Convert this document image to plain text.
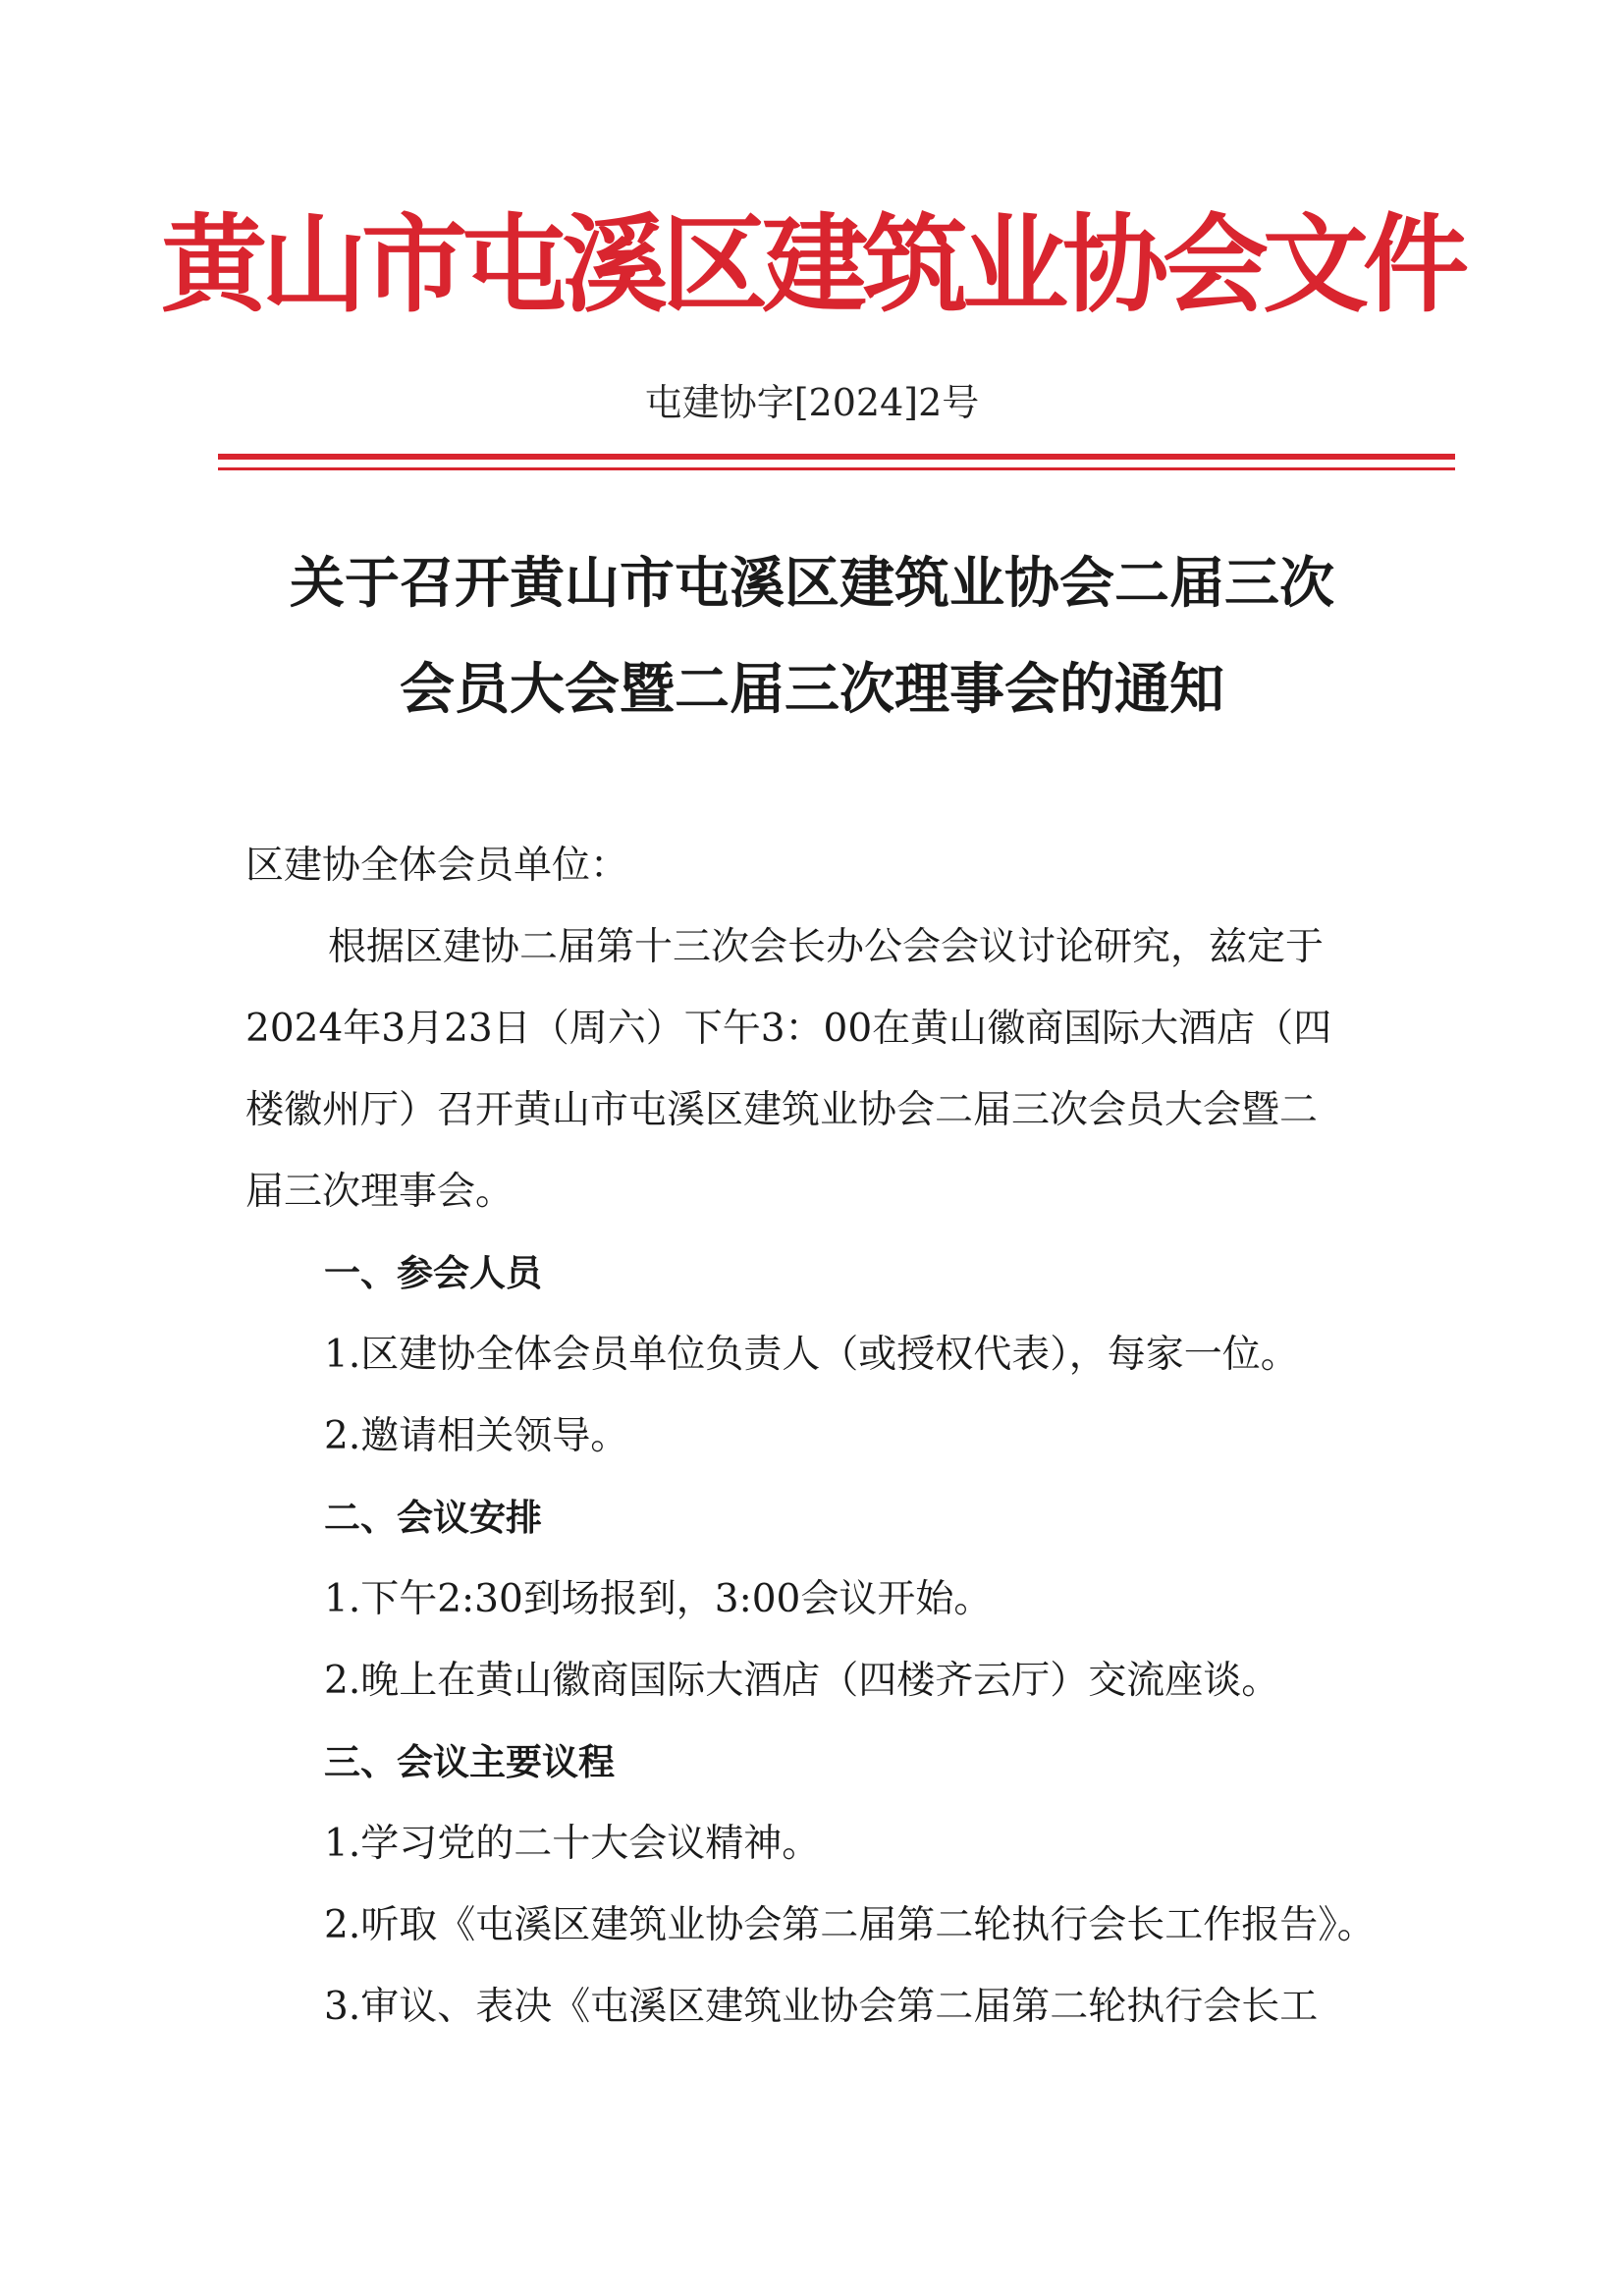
黄山市屯溪区建筑业协会文件
屯建协字[2024]2号
关于召开黄山市屯溪区建筑业协会二届三次
会员大会暨二届三次理事会的通知
区建协全体会员单位：
根据区建协二届第十三次会长办公会会议讨论研究，兹定于
2024年3月23日（周六）下午3：00在黄山徽商国际大酒店（四
楼徽州厅）召开黄山市屯溪区建筑业协会二届三次会员大会暨二
届三次理事会。
一、参会人员
1.区建协全体会员单位负责人（或授权代表），每家一位。
2.邀请相关领导。
二、会议安排
1.下午2:30到场报到，3:00会议开始。
2.晚上在黄山徽商国际大酒店（四楼齐云厅）交流座谈。
三、会议主要议程
1.学习党的二十大会议精神。
2.听取《屯溪区建筑业协会第二届第二轮执行会长工作报告》。
3.审议、表决《屯溪区建筑业协会第二届第二轮执行会长工
